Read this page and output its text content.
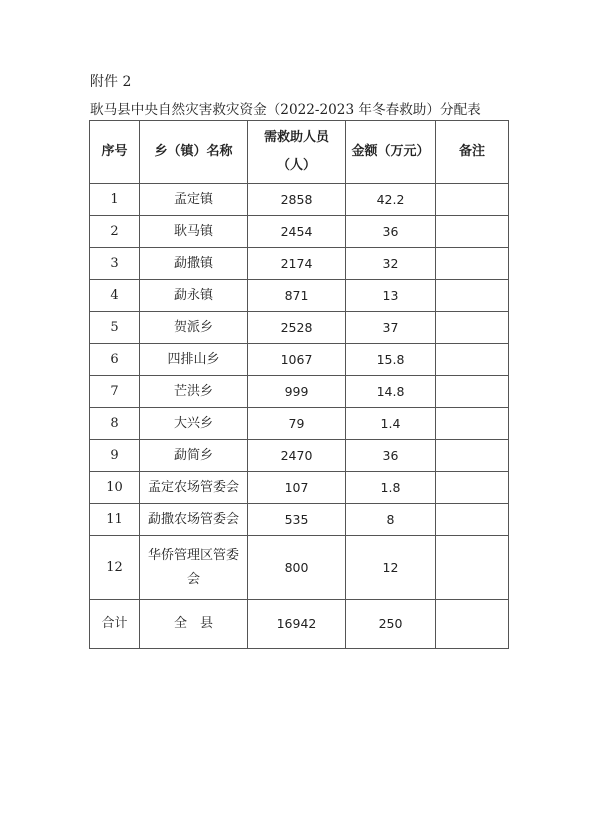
附件 2
耿马县中央自然灾害救灾资金（2022-2023 年冬春救助）分配表
序号	乡（镇）名称	需救助人员（人）	金额（万元）	备注
1	孟定镇	2858	42.2	
2	耿马镇	2454	36	
3	勐撒镇	2174	32	
4	勐永镇	871	13	
5	贺派乡	2528	37	
6	四排山乡	1067	15.8	
7	芒洪乡	999	14.8	
8	大兴乡	79	1.4	
9	勐简乡	2470	36	
10	孟定农场管委会	107	1.8	
11	勐撒农场管委会	535	8	
12	华侨管理区管委会	800	12	
合计	全　县	16942	250	
